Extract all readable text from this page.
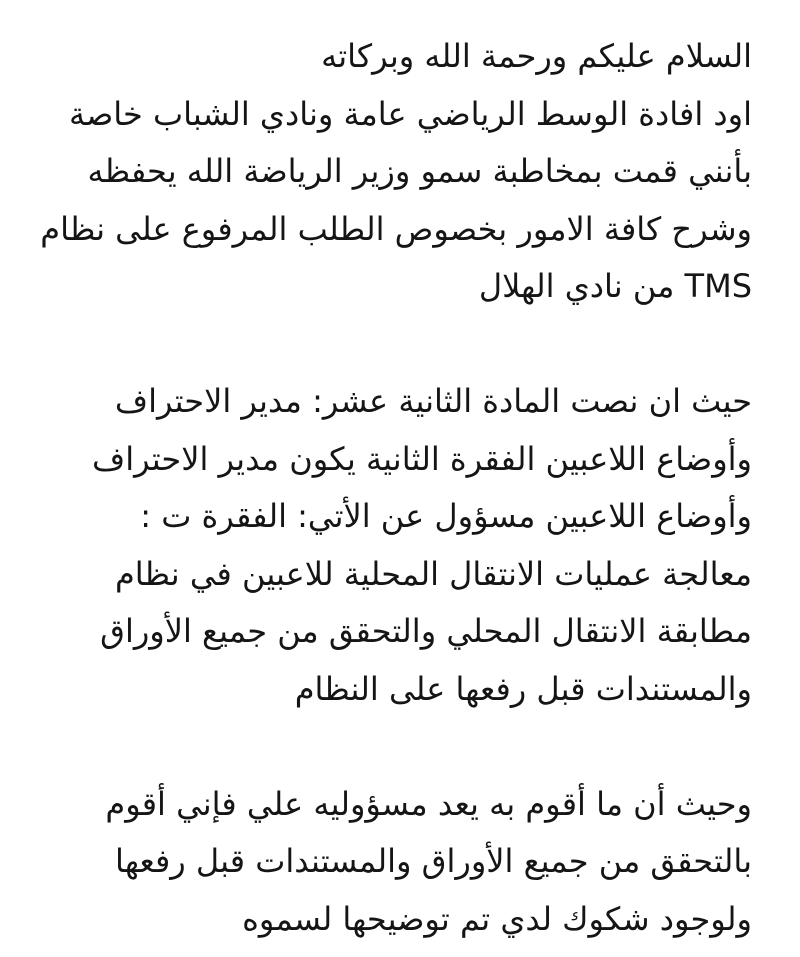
السلام عليكم ورحمة الله وبركاته
اود افادة الوسط الرياضي عامة ونادي الشباب خاصة
بأنني قمت بمخاطبة سمو وزير الرياضة الله يحفظه
وشرح كافة الامور بخصوص الطلب المرفوع على نظام
TMS من نادي الهلال

حيث ان نصت المادة الثانية عشر: مدير الاحتراف
وأوضاع اللاعبين الفقرة الثانية يكون مدير الاحتراف
وأوضاع اللاعبين مسؤول عن الأتي: الفقرة ت :
معالجة عمليات الانتقال المحلية للاعبين في نظام
مطابقة الانتقال المحلي والتحقق من جميع الأوراق
والمستندات قبل رفعها على النظام

وحيث أن ما أقوم به يعد مسؤوليه علي فإني أقوم
بالتحقق من جميع الأوراق والمستندات قبل رفعها
ولوجود شكوك لدي تم توضيحها لسموه
